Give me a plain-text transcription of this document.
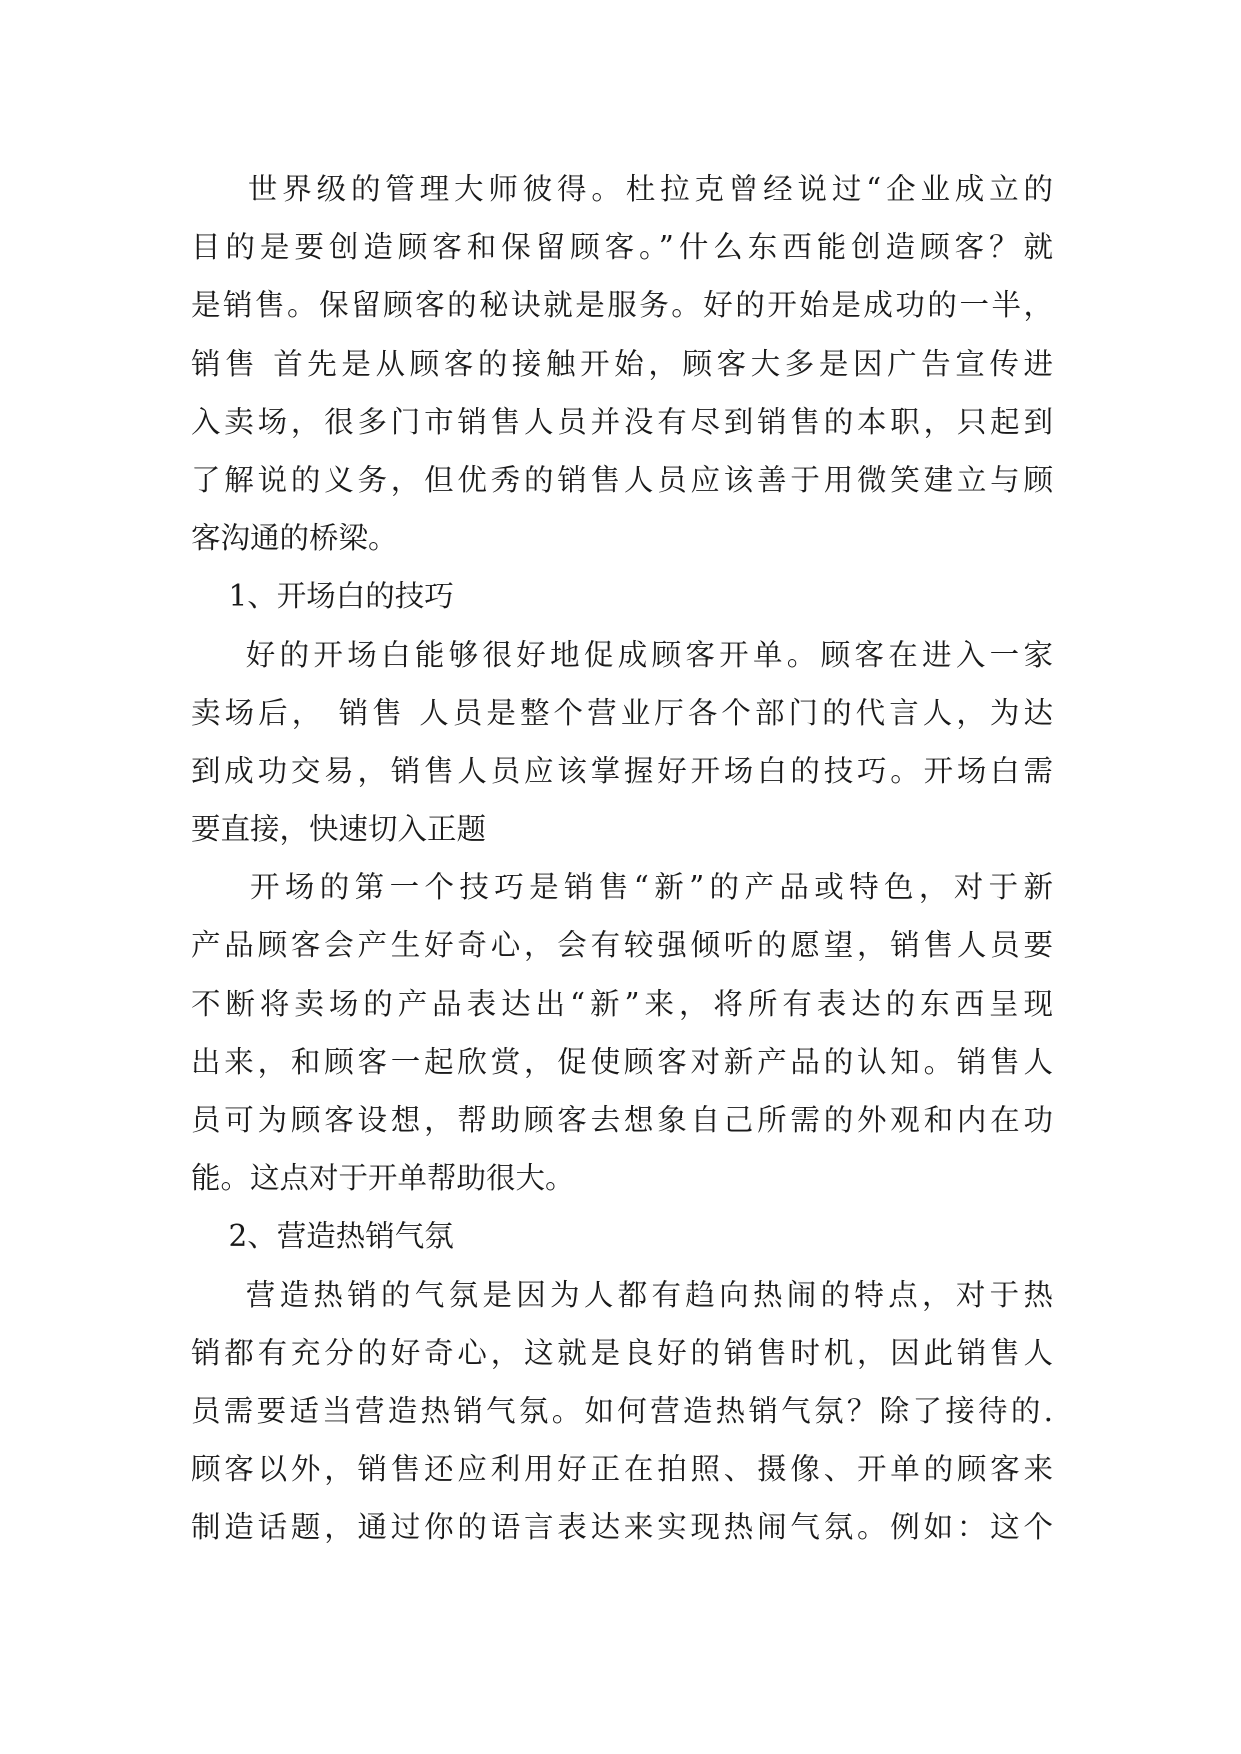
世界级的管理大师彼得。杜拉克曾经说过“企业成立的
目的是要创造顾客和保留顾客。”什么东西能创造顾客？就
是销售。保留顾客的秘诀就是服务。好的开始是成功的一半，
销售 首先是从顾客的接触开始，顾客大多是因广告宣传进
入卖场，很多门市销售人员并没有尽到销售的本职，只起到
了解说的义务，但优秀的销售人员应该善于用微笑建立与顾
客沟通的桥梁。
1、开场白的技巧
好的开场白能够很好地促成顾客开单。顾客在进入一家
卖场后， 销售 人员是整个营业厅各个部门的代言人，为达
到成功交易，销售人员应该掌握好开场白的技巧。开场白需
要直接，快速切入正题
开场的第一个技巧是销售“新”的产品或特色，对于新
产品顾客会产生好奇心，会有较强倾听的愿望，销售人员要
不断将卖场的产品表达出“新”来，将所有表达的东西呈现
出来，和顾客一起欣赏，促使顾客对新产品的认知。销售人
员可为顾客设想，帮助顾客去想象自己所需的外观和内在功
能。这点对于开单帮助很大。
2、营造热销气氛
营造热销的气氛是因为人都有趋向热闹的特点，对于热
销都有充分的好奇心，这就是良好的销售时机，因此销售人
员需要适当营造热销气氛。如何营造热销气氛？除了接待的.
顾客以外，销售还应利用好正在拍照、摄像、开单的顾客来
制造话题，通过你的语言表达来实现热闹气氛。例如：这个
